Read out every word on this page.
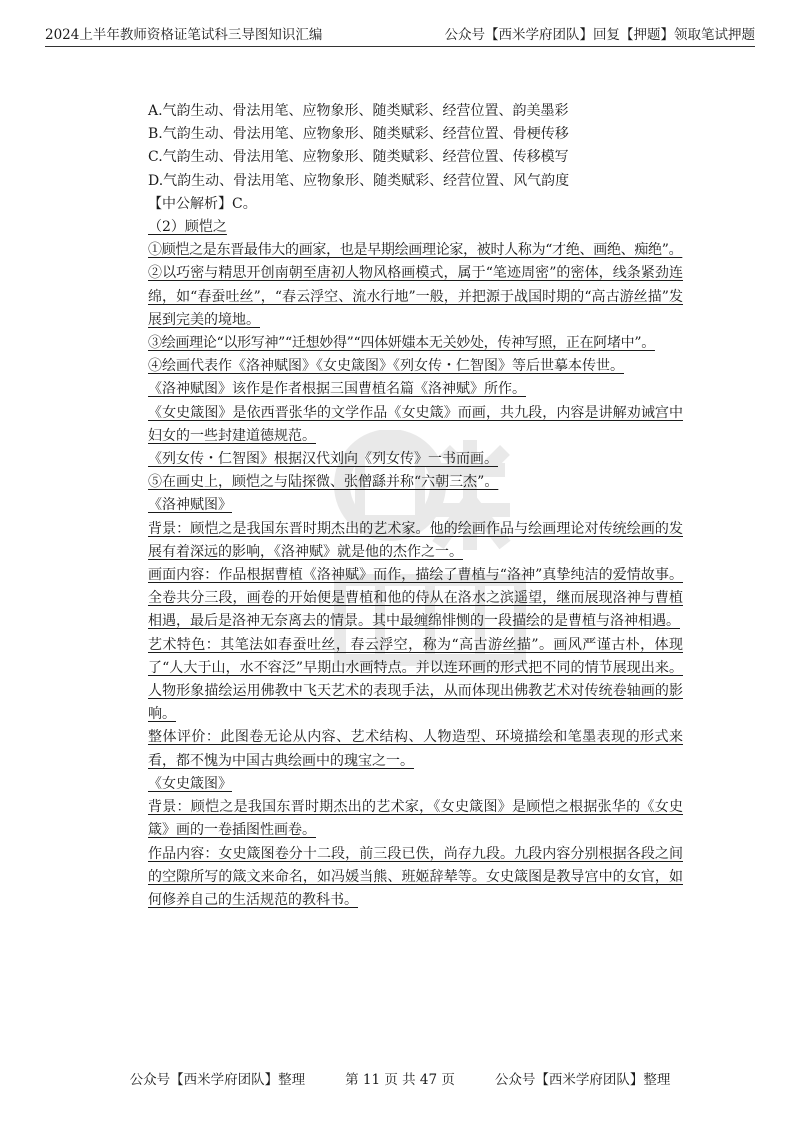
2024上半年教师资格证笔试科三导图知识汇编	公众号【西米学府团队】回复【押题】领取笔试押题

A.气韵生动、骨法用笔、应物象形、随类赋彩、经营位置、韵美墨彩

B.气韵生动、骨法用笔、应物象形、随类赋彩、经营位置、骨梗传移

C.气韵生动、骨法用笔、应物象形、随类赋彩、经营位置、传移模写

D.气韵生动、骨法用笔、应物象形、随类赋彩、经营位置、风气韵度

【中公解析】C。

（2）顾恺之

①顾恺之是东晋最伟大的画家，也是早期绘画理论家，被时人称为“才绝、画绝、痴绝”。

②以巧密与精思开创南朝至唐初人物风格画模式，属于“笔迹周密”的密体，线条紧劲连绵，如“春蚕吐丝”，“春云浮空、流水行地”一般，并把源于战国时期的“高古游丝描”发展到完美的境地。

③绘画理论“以形写神”“迁想妙得”“四体妍媸本无关妙处，传神写照，正在阿堵中”。

④绘画代表作《洛神赋图》《女史箴图》《列女传・仁智图》等后世摹本传世。

《洛神赋图》该作是作者根据三国曹植名篇《洛神赋》所作。

《女史箴图》是依西晋张华的文学作品《女史箴》而画，共九段，内容是讲解劝诫宫中妇女的一些封建道德规范。

《列女传・仁智图》根据汉代刘向《列女传》一书而画。

⑤在画史上，顾恺之与陆探微、张僧繇并称“六朝三杰”。

《洛神赋图》

背景：顾恺之是我国东晋时期杰出的艺术家。他的绘画作品与绘画理论对传统绘画的发展有着深远的影响，《洛神赋》就是他的杰作之一。

画面内容：作品根据曹植《洛神赋》而作，描绘了曹植与“洛神”真挚纯洁的爱情故事。全卷共分三段，画卷的开始便是曹植和他的侍从在洛水之滨遥望，继而展现洛神与曹植相遇，最后是洛神无奈离去的情景。其中最缠绵悱恻的一段描绘的是曹植与洛神相遇。

艺术特色：其笔法如春蚕吐丝，春云浮空，称为“高古游丝描”。画风严谨古朴，体现了“人大于山，水不容泛”早期山水画特点。并以连环画的形式把不同的情节展现出来。人物形象描绘运用佛教中飞天艺术的表现手法，从而体现出佛教艺术对传统卷轴画的影响。

整体评价：此图卷无论从内容、艺术结构、人物造型、环境描绘和笔墨表现的形式来看，都不愧为中国古典绘画中的瑰宝之一。

《女史箴图》

背景：顾恺之是我国东晋时期杰出的艺术家，《女史箴图》是顾恺之根据张华的《女史箴》画的一卷插图性画卷。

作品内容：女史箴图卷分十二段，前三段已佚，尚存九段。九段内容分别根据各段之间的空隙所写的箴文来命名，如冯媛当熊、班姬辞辇等。女史箴图是教导宫中的女官，如何修养自己的生活规范的教科书。

公众号【西米学府团队】整理	第 11 页 共 47 页	公众号【西米学府团队】整理
